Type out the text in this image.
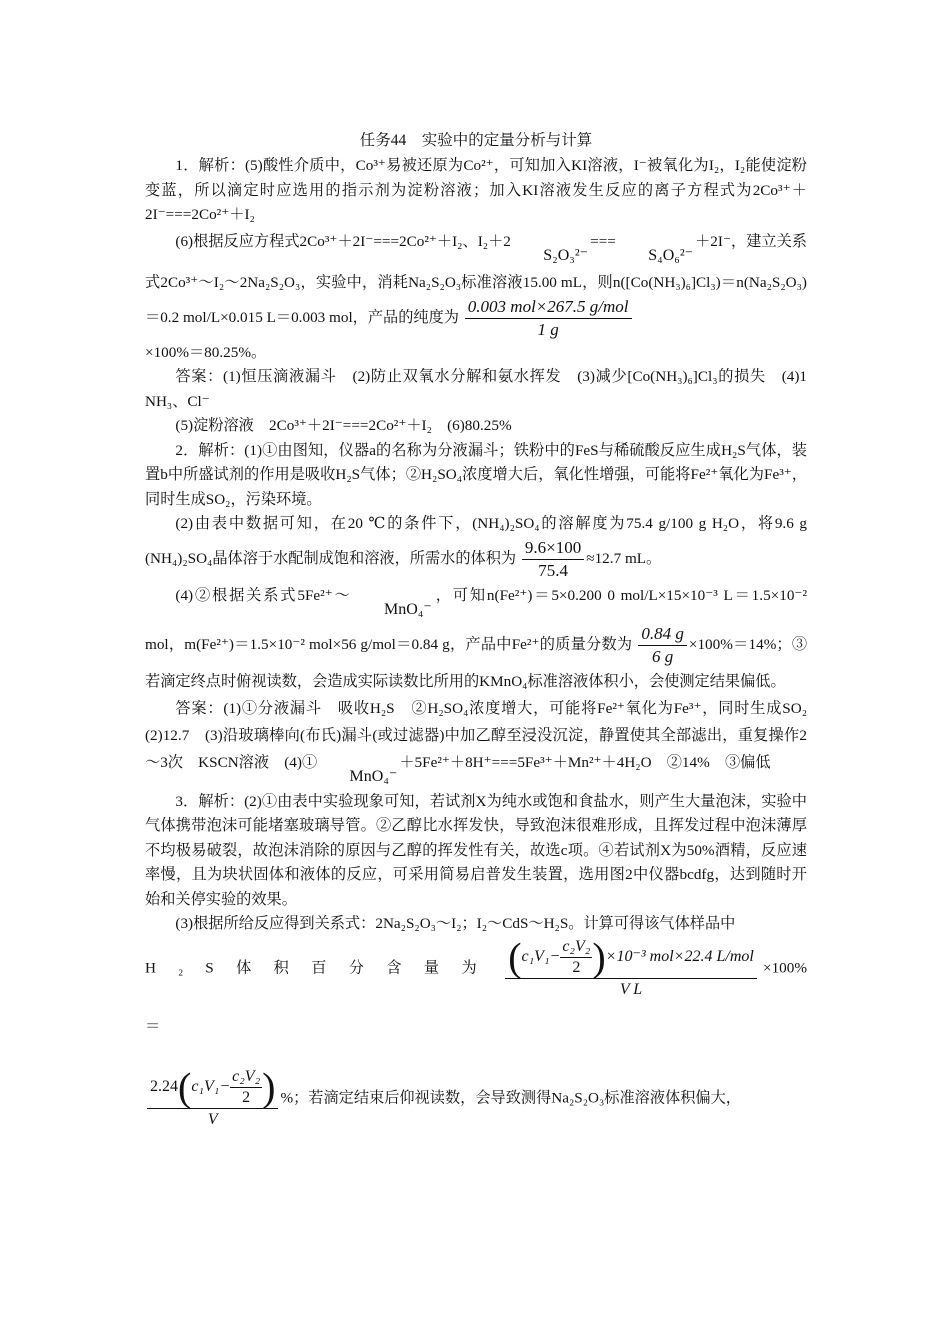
任务44　实验中的定量分析与计算

1．解析：(5)酸性介质中，Co³⁺易被还原为Co²⁺，可知加入KI溶液，I⁻被氧化为I₂，I₂能使淀粉变蓝，所以滴定时应选用的指示剂为淀粉溶液；加入KI溶液发生反应的离子方程式为2Co³⁺＋2I⁻===2Co²⁺＋I₂

(6)根据反应方程式2Co³⁺＋2I⁻===2Co²⁺＋I₂、I₂＋2S₂O₃²⁻===S₄O₆²⁻＋2I⁻，建立关系式2Co³⁺～I₂～2Na₂S₂O₃，实验中，消耗Na₂S₂O₃标准溶液15.00 mL，则n([Co(NH₃)₆]Cl₃)＝n(Na₂S₂O₃)＝0.2 mol/L×0.015 L＝0.003 mol，产品的纯度为 $\frac{\text{0.003 mol×267.5 g/mol}}{1 g}$

×100%＝80.25%。

答案：(1)恒压滴液漏斗　(2)防止双氧水分解和氨水挥发　(3)减少[Co(NH₃)₆]Cl₃的损失　(4)1　NH₃、Cl⁻

(5)淀粉溶液　2Co³⁺＋2I⁻===2Co²⁺＋I₂　(6)80.25%

2．解析：(1)①由图知，仪器a的名称为分液漏斗；铁粉中的FeS与稀硫酸反应生成H₂S气体，装置b中所盛试剂的作用是吸收H₂S气体；②H₂SO₄浓度增大后，氧化性增强，可能将Fe²⁺氧化为Fe³⁺，同时生成SO₂，污染环境。

(2)由表中数据可知，在20 ℃的条件下，(NH₄)₂SO₄的溶解度为75.4 g/100 g H₂O，将9.6 g (NH₄)₂SO₄晶体溶于水配制成饱和溶液，所需水的体积为 $\frac{9.6\times 100}{75.4} \approx 12.7$ mL。

(4)②根据关系式5Fe²⁺～MnO₄⁻，可知n(Fe²⁺)＝5×0.200 0 mol/L×15×10⁻³ L＝1.5×10⁻² mol，m(Fe²⁺)＝1.5×10⁻² mol×56 g/mol＝0.84 g，产品中Fe²⁺的质量分数为 $\frac{0.84 g}{6 g} \times 100\%=14\%$；③若滴定终点时俯视读数，会造成实际读数比所用的KMnO₄标准溶液体积小，会使测定结果偏低。

答案：(1)①分液漏斗　吸收H₂S　②H₂SO₄浓度增大，可能将Fe²⁺氧化为Fe³⁺，同时生成SO₂　(2)12.7　(3)沿玻璃棒向(布氏)漏斗(或过滤器)中加乙醇至浸没沉淀，静置使其全部滤出，重复操作2～3次　KSCN溶液　(4)①MnO₄⁻＋5Fe²⁺＋8H⁺===5Fe³⁺＋Mn²⁺＋4H₂O　②14%　③偏低

3．解析：(2)①由表中实验现象可知，若试剂X为纯水或饱和食盐水，则产生大量泡沫，实验中气体携带泡沫可能堵塞玻璃导管。②乙醇比水挥发快，导致泡沫很难形成，且挥发过程中泡沫薄厚不均极易破裂，故泡沫消除的原因与乙醇的挥发性有关，故选c项。④若试剂X为50%酒精，反应速率慢，且为块状固体和液体的反应，可采用简易启普发生装置，选用图2中仪器bcdfg，达到随时开始和关停实验的效果。

(3)根据所给反应得到关系式：2Na₂S₂O₃～I₂；I₂～CdS～H₂S。计算可得该气体样品中

H₂S体积百分含量为 $\frac{(c_1V_1- \frac{\text{c₂V₂}}{2} )\times 10^{-3} mol\times 22.4 L/mol}{\text{V L}} \times 100\%$　＝

$\frac{2.24(c_1V_1- \frac{\text{c₂V₂}}{2} )}{V}$ %；若滴定结束后仰视读数，会导致测得Na₂S₂O₃标准溶液体积偏大，
